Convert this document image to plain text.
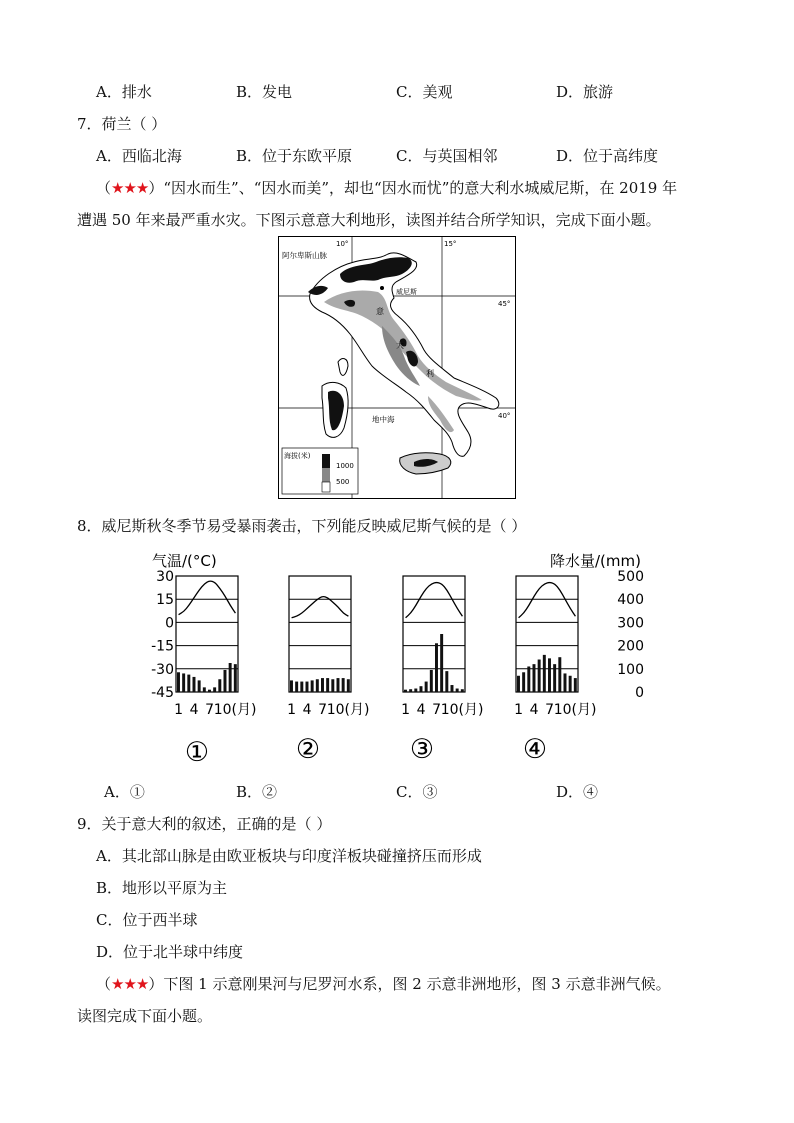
A．排水	B．发电	C．美观	D．旅游
7．荷兰（ ）
A．西临北海	B．位于东欧平原	C．与英国相邻	D．位于高纬度
（★★★）“因水而生”、“因水而美”，却也“因水而忧”的意大利水城威尼斯，在 2019 年
遭遇 50 年来最严重水灾。下图示意意大利地形，读图并结合所学知识，完成下面小题。
10°	15°
45°
40°
阿尔卑斯山脉
威尼斯
意
大
利
地中海
海拔(米)
1000
500
8．威尼斯秋冬季节易受暴雨袭击，下列能反映威尼斯气候的是（ ）
气温/(°C)	降水量/(mm)
30
15
0
-15
-30
-45
500
400
300
200
100
0
1 4 7 10(月)
①
1 4 7 10(月)
②
1 4 7 10(月)
③
1 4 7 10(月)
④
A．①	B．②	C．③	D．④
9．关于意大利的叙述，正确的是（ ）
A．其北部山脉是由欧亚板块与印度洋板块碰撞挤压而形成
B．地形以平原为主
C．位于西半球
D．位于北半球中纬度
（★★★）下图 1 示意刚果河与尼罗河水系，图 2 示意非洲地形，图 3 示意非洲气候。
读图完成下面小题。
